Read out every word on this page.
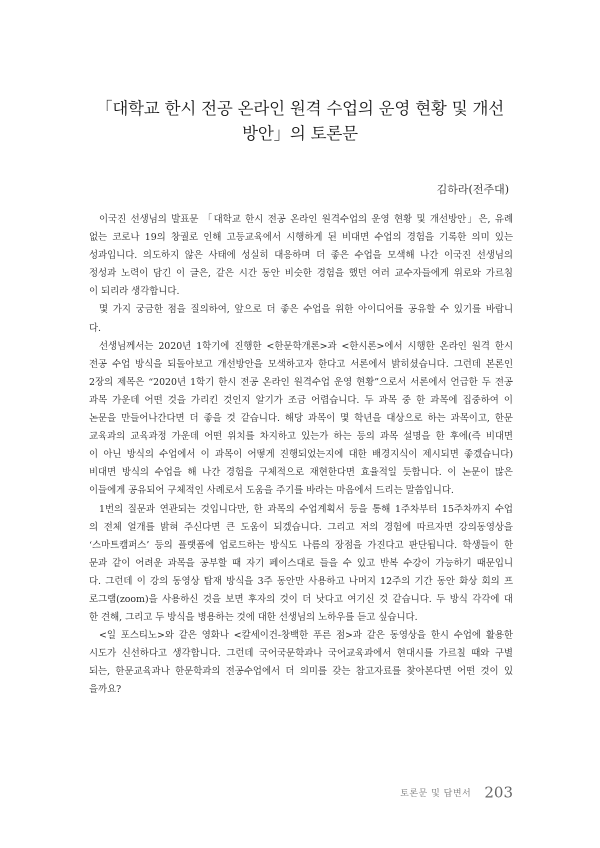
「대학교 한시 전공 온라인 원격 수업의 운영 현황 및 개선
방안」의 토론문
김하라(전주대)
이국진 선생님의 발표문 「대학교 한시 전공 온라인 원격수업의 운영 현황 및 개선방안」은, 유례
없는 코로나 19의 창궐로 인해 고등교육에서 시행하게 된 비대면 수업의 경험을 기록한 의미 있는
성과입니다. 의도하지 않은 사태에 성실히 대응하며 더 좋은 수업을 모색해 나간 이국진 선생님의
정성과 노력이 담긴 이 글은, 같은 시간 동안 비슷한 경험을 했던 여러 교수자들에게 위로와 가르침
이 되리라 생각합니다.
몇 가지 궁금한 점을 질의하여, 앞으로 더 좋은 수업을 위한 아이디어를 공유할 수 있기를 바랍니
다.
선생님께서는 2020년 1학기에 진행한 <한문학개론>과 <한시론>에서 시행한 온라인 원격 한시
전공 수업 방식을 되돌아보고 개선방안을 모색하고자 한다고 서론에서 밝히셨습니다. 그런데 본론인
2장의 제목은 “2020년 1학기 한시 전공 온라인 원격수업 운영 현황”으로서 서론에서 언급한 두 전공
과목 가운데 어떤 것을 가리킨 것인지 알기가 조금 어렵습니다. 두 과목 중 한 과목에 집중하여 이
논문을 만들어나간다면 더 좋을 것 같습니다. 해당 과목이 몇 학년을 대상으로 하는 과목이고, 한문
교육과의 교육과정 가운데 어떤 위치를 차지하고 있는가 하는 등의 과목 설명을 한 후에(즉 비대면
이 아닌 방식의 수업에서 이 과목이 어떻게 진행되었는지에 대한 배경지식이 제시되면 좋겠습니다)
비대면 방식의 수업을 해 나간 경험을 구체적으로 재현한다면 효율적일 듯합니다. 이 논문이 많은
이들에게 공유되어 구체적인 사례로서 도움을 주기를 바라는 마음에서 드리는 말씀입니다.
1번의 질문과 연관되는 것입니다만, 한 과목의 수업계획서 등을 통해 1주차부터 15주차까지 수업
의 전체 얼개를 밝혀 주신다면 큰 도움이 되겠습니다. 그리고 저의 경험에 따르자면 강의동영상을
‘스마트캠퍼스’ 등의 플랫폼에 업로드하는 방식도 나름의 장점을 가진다고 판단됩니다. 학생들이 한
문과 같이 어려운 과목을 공부할 때 자기 페이스대로 들을 수 있고 반복 수강이 가능하기 때문입니
다. 그런데 이 강의 동영상 탑재 방식을 3주 동안만 사용하고 나머지 12주의 기간 동안 화상 회의 프
로그램(zoom)을 사용하신 것을 보면 후자의 것이 더 낫다고 여기신 것 같습니다. 두 방식 각각에 대
한 견해, 그리고 두 방식을 병용하는 것에 대한 선생님의 노하우를 듣고 싶습니다.
<일 포스티노>와 같은 영화나 <칼세이건-창백한 푸른 점>과 같은 동영상을 한시 수업에 활용한
시도가 신선하다고 생각합니다. 그런데 국어국문학과나 국어교육과에서 현대시를 가르칠 때와 구별
되는, 한문교육과나 한문학과의 전공수업에서 더 의미를 갖는 참고자료를 찾아본다면 어떤 것이 있
을까요?
토론문 및 답변서 203
